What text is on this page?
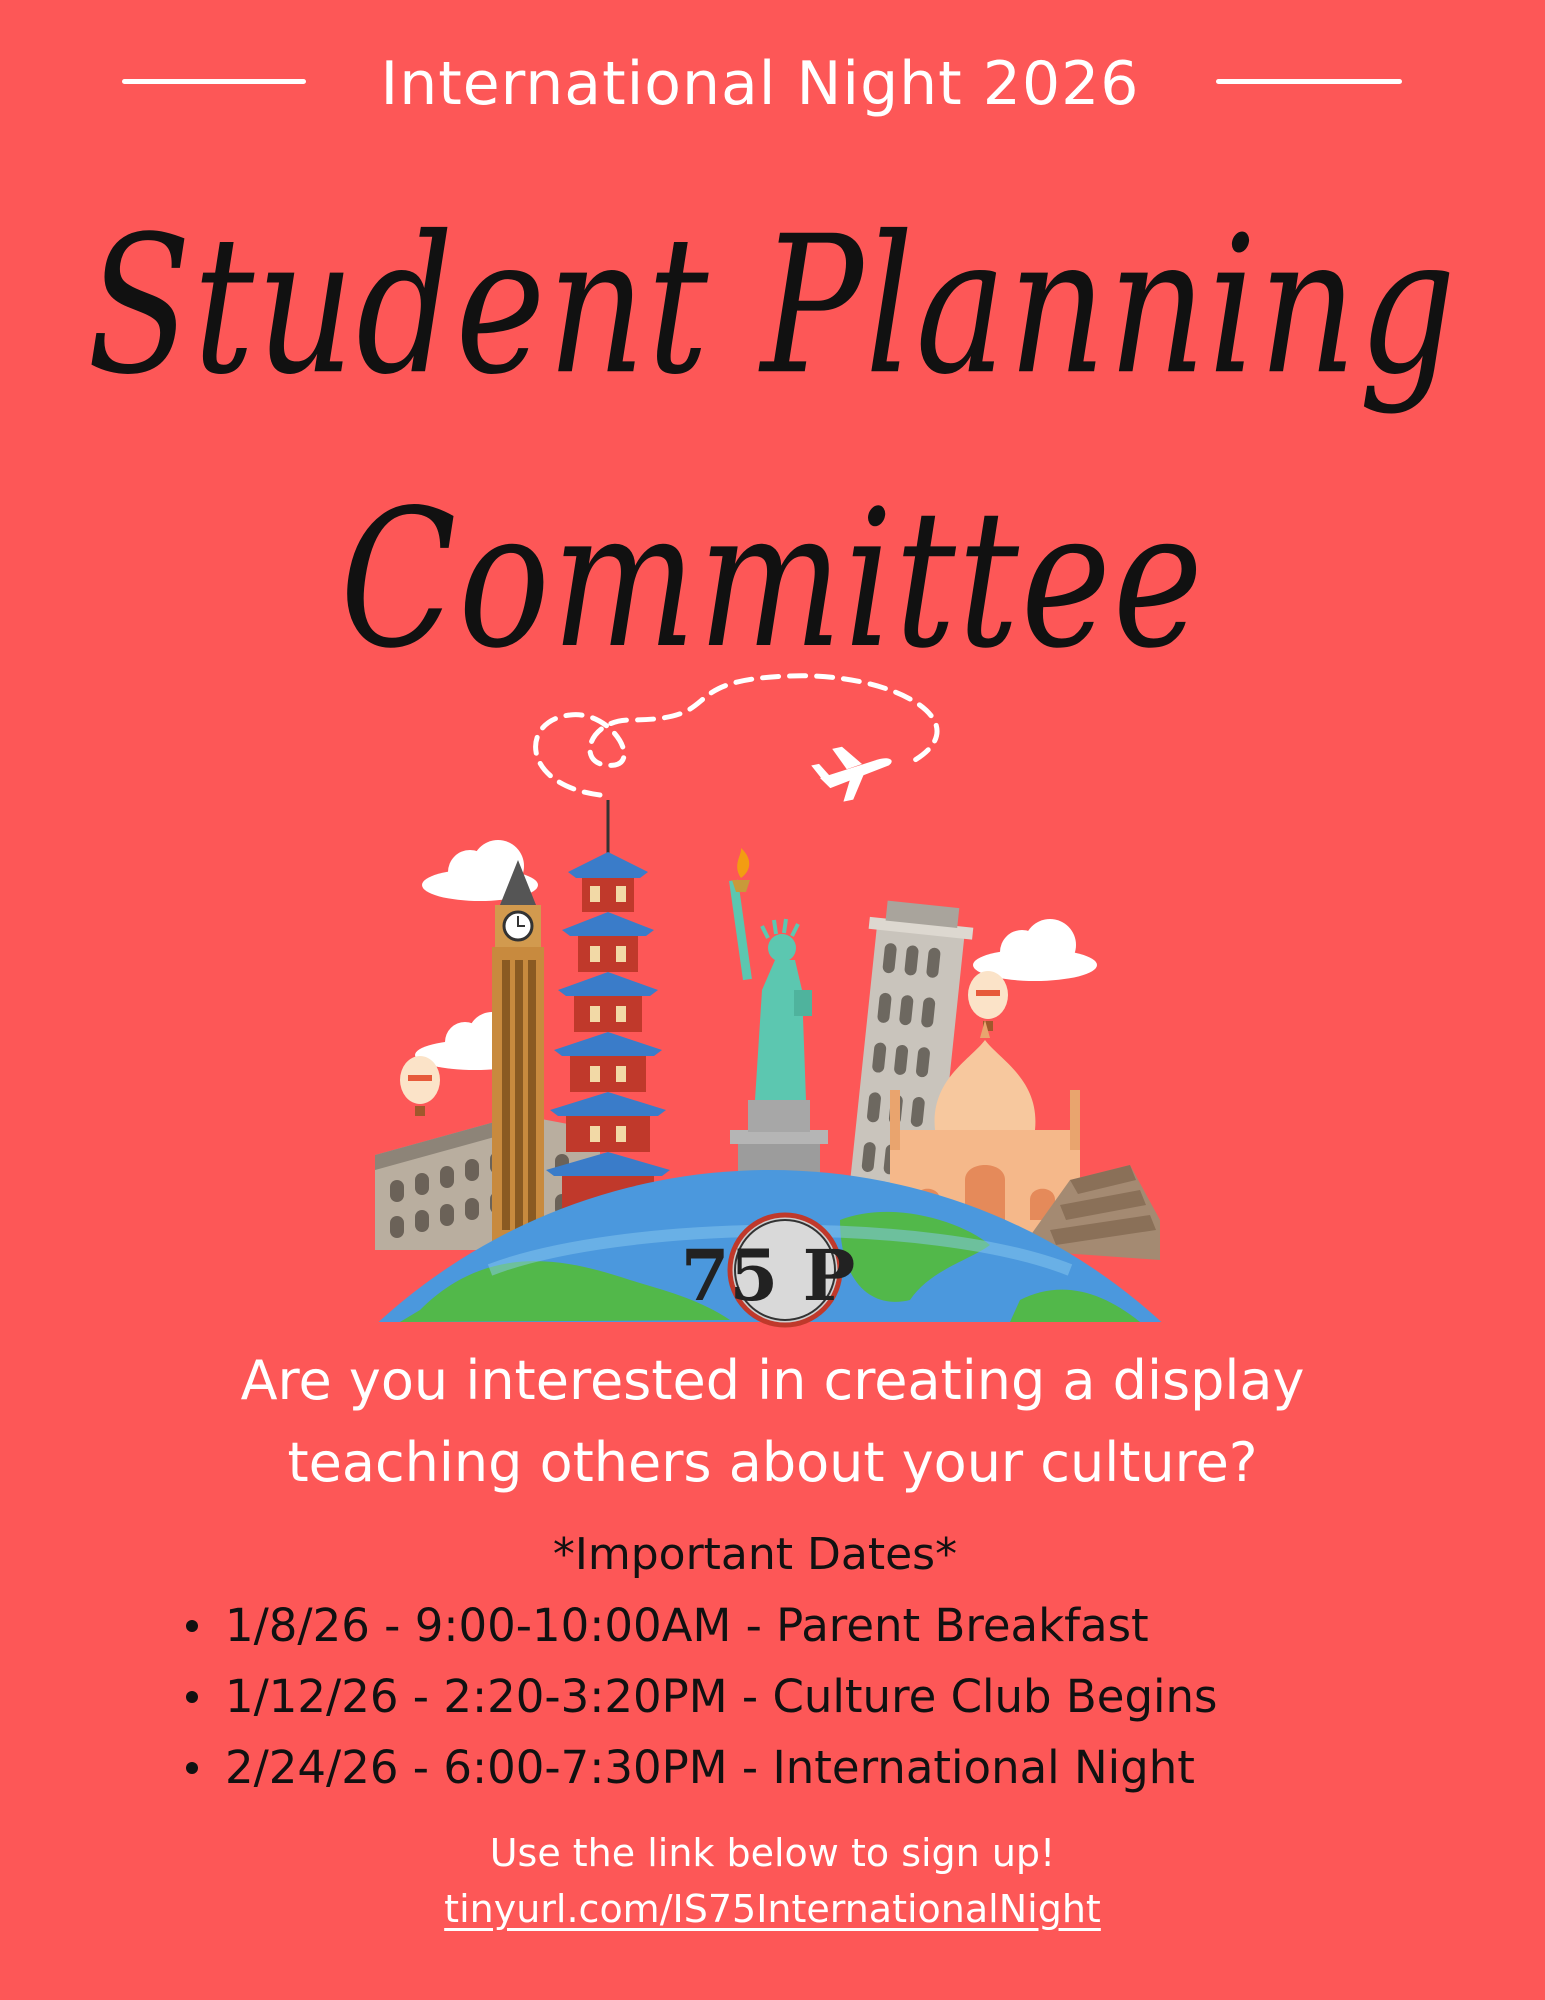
International Night 2026
Student Planning
Committee
75 P
Are you interested in creating a display
teaching others about your culture?
*Important Dates*
1/8/26 - 9:00-10:00AM - Parent Breakfast
1/12/26 - 2:20-3:20PM - Culture Club Begins
2/24/26 - 6:00-7:30PM - International Night
Use the link below to sign up!
tinyurl.com/IS75InternationalNight
